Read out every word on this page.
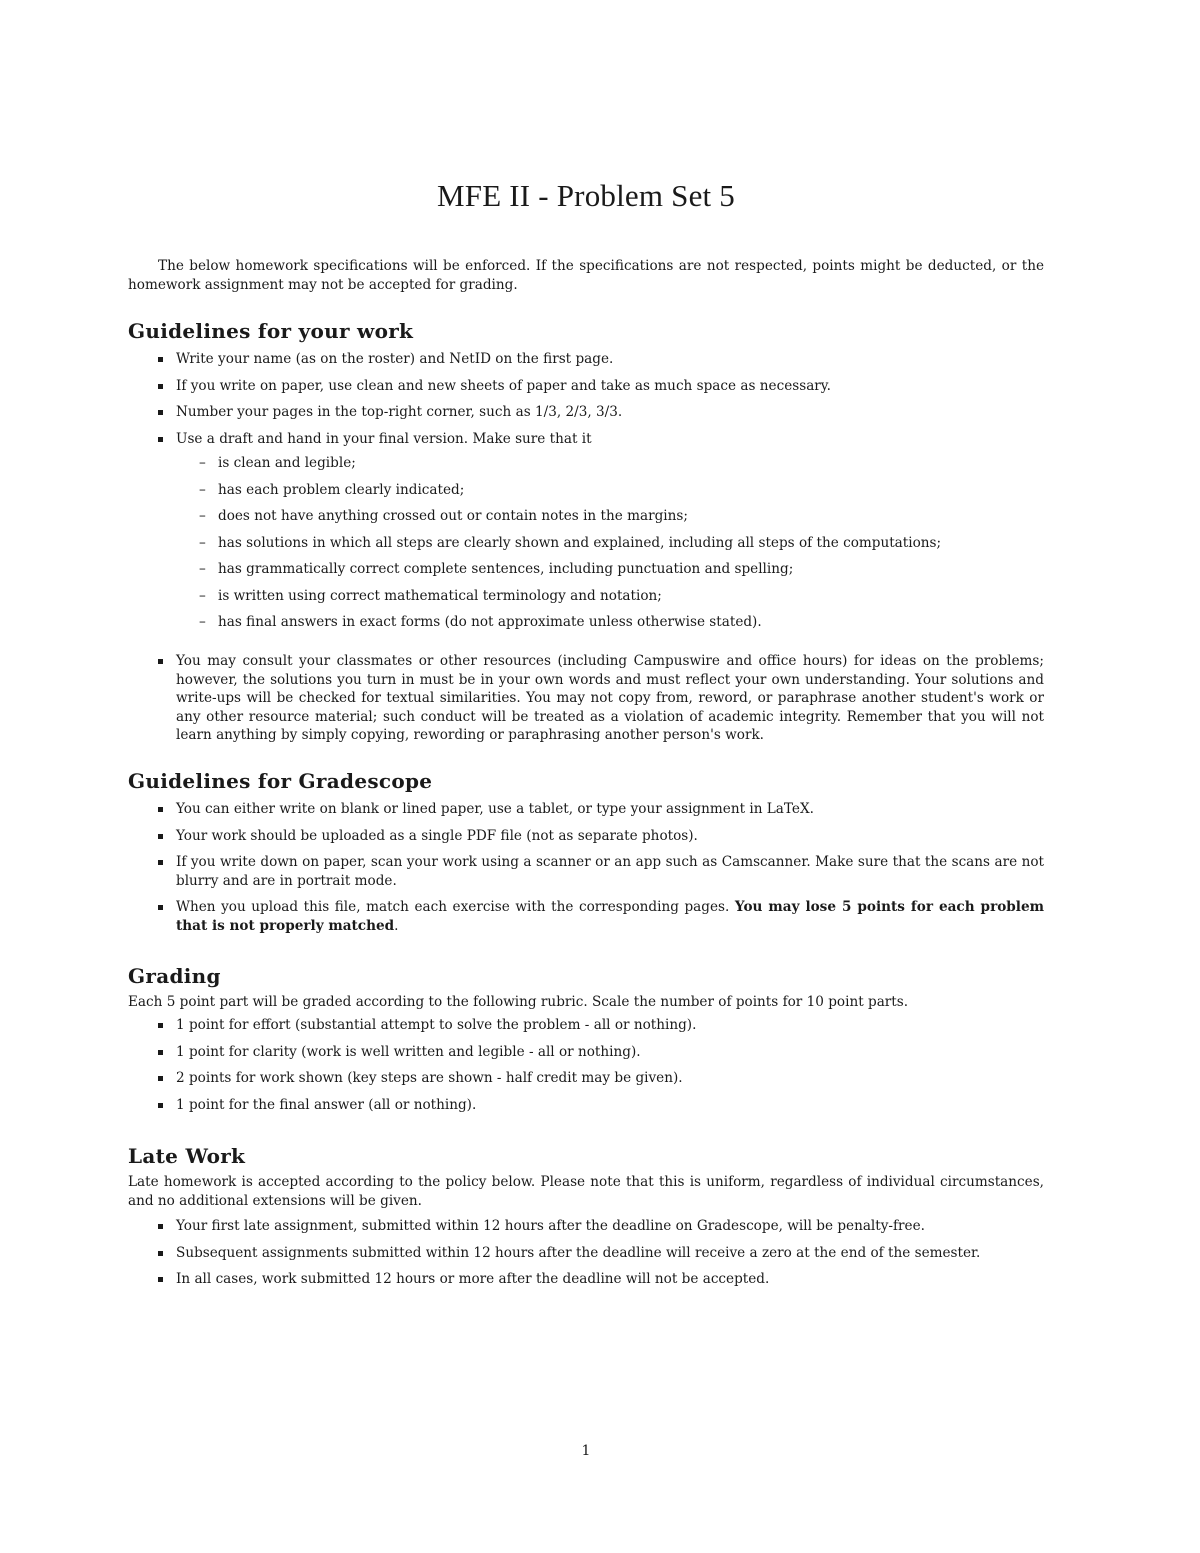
MFE II - Problem Set 5

The below homework specifications will be enforced. If the specifications are not respected, points might be deducted, or the homework assignment may not be accepted for grading.

Guidelines for your work
Write your name (as on the roster) and NetID on the first page.
If you write on paper, use clean and new sheets of paper and take as much space as necessary.
Number your pages in the top-right corner, such as 1/3, 2/3, 3/3.
Use a draft and hand in your final version. Make sure that it
– is clean and legible;
– has each problem clearly indicated;
– does not have anything crossed out or contain notes in the margins;
– has solutions in which all steps are clearly shown and explained, including all steps of the computations;
– has grammatically correct complete sentences, including punctuation and spelling;
– is written using correct mathematical terminology and notation;
– has final answers in exact forms (do not approximate unless otherwise stated).
You may consult your classmates or other resources (including Campuswire and office hours) for ideas on the problems; however, the solutions you turn in must be in your own words and must reflect your own understanding. Your solutions and write-ups will be checked for textual similarities. You may not copy from, reword, or paraphrase another student's work or any other resource material; such conduct will be treated as a violation of academic integrity. Remember that you will not learn anything by simply copying, rewording or paraphrasing another person's work.
Guidelines for Gradescope
You can either write on blank or lined paper, use a tablet, or type your assignment in LaTeX.
Your work should be uploaded as a single PDF file (not as separate photos).
If you write down on paper, scan your work using a scanner or an app such as Camscanner. Make sure that the scans are not blurry and are in portrait mode.
When you upload this file, match each exercise with the corresponding pages. You may lose 5 points for each problem that is not properly matched.
Grading

Each 5 point part will be graded according to the following rubric. Scale the number of points for 10 point parts.

1 point for effort (substantial attempt to solve the problem - all or nothing).
1 point for clarity (work is well written and legible - all or nothing).
2 points for work shown (key steps are shown - half credit may be given).
1 point for the final answer (all or nothing).
Late Work

Late homework is accepted according to the policy below. Please note that this is uniform, regardless of individual circumstances, and no additional extensions will be given.

Your first late assignment, submitted within 12 hours after the deadline on Gradescope, will be penalty-free.
Subsequent assignments submitted within 12 hours after the deadline will receive a zero at the end of the semester.
In all cases, work submitted 12 hours or more after the deadline will not be accepted.
1
